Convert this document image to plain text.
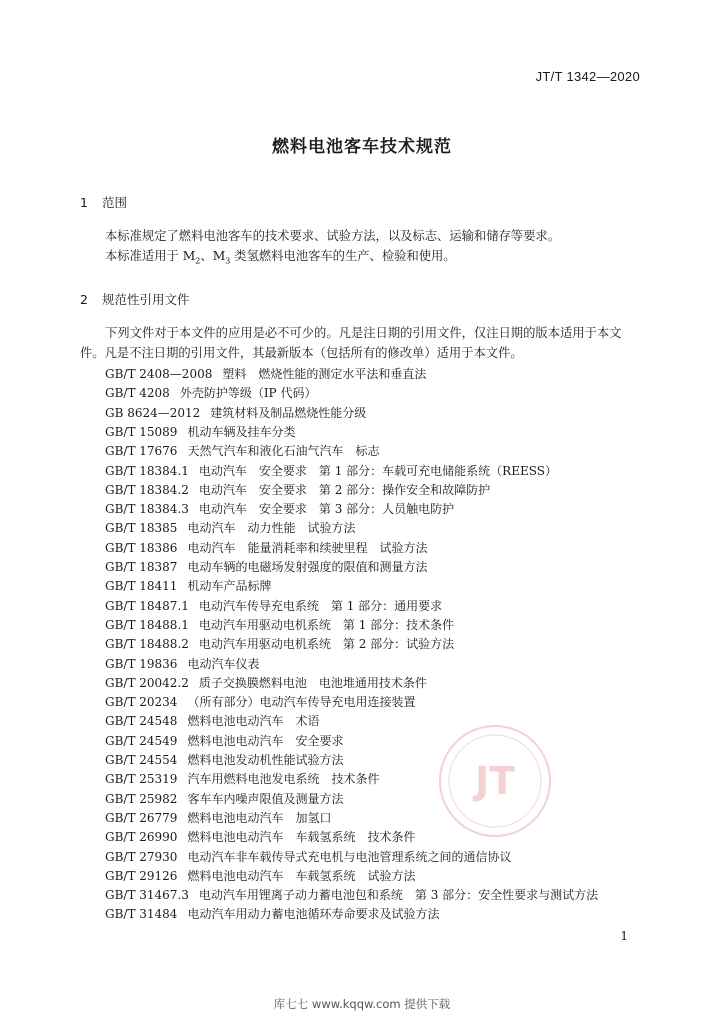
JT/T 1342—2020
燃料电池客车技术规范
1 范围
本标准规定了燃料电池客车的技术要求、试验方法，以及标志、运输和储存等要求。
本标准适用于 $M_2$、$M_3$ 类氢燃料电池客车的生产、检验和使用。
2 规范性引用文件
下列文件对于本文件的应用是必不可少的。凡是注日期的引用文件，仅注日期的版本适用于本文件。凡是不注日期的引用文件，其最新版本（包括所有的修改单）适用于本文件。
JT
GB/T 2408—2008 塑料　燃烧性能的测定水平法和垂直法
GB/T 4208 外壳防护等级（IP 代码）
GB 8624—2012 建筑材料及制品燃烧性能分级
GB/T 15089 机动车辆及挂车分类
GB/T 17676 天然气汽车和液化石油气汽车　标志
GB/T 18384.1 电动汽车　安全要求　第 1 部分：车载可充电储能系统（REESS）
GB/T 18384.2 电动汽车　安全要求　第 2 部分：操作安全和故障防护
GB/T 18384.3 电动汽车　安全要求　第 3 部分：人员触电防护
GB/T 18385 电动汽车　动力性能　试验方法
GB/T 18386 电动汽车　能量消耗率和续驶里程　试验方法
GB/T 18387 电动车辆的电磁场发射强度的限值和测量方法
GB/T 18411 机动车产品标牌
GB/T 18487.1 电动汽车传导充电系统　第 1 部分：通用要求
GB/T 18488.1 电动汽车用驱动电机系统　第 1 部分：技术条件
GB/T 18488.2 电动汽车用驱动电机系统　第 2 部分：试验方法
GB/T 19836 电动汽车仪表
GB/T 20042.2 质子交换膜燃料电池　电池堆通用技术条件
GB/T 20234 （所有部分）电动汽车传导充电用连接装置
GB/T 24548 燃料电池电动汽车　术语
GB/T 24549 燃料电池电动汽车　安全要求
GB/T 24554 燃料电池发动机性能试验方法
GB/T 25319 汽车用燃料电池发电系统　技术条件
GB/T 25982 客车车内噪声限值及测量方法
GB/T 26779 燃料电池电动汽车　加氢口
GB/T 26990 燃料电池电动汽车　车载氢系统　技术条件
GB/T 27930 电动汽车非车载传导式充电机与电池管理系统之间的通信协议
GB/T 29126 燃料电池电动汽车　车载氢系统　试验方法
GB/T 31467.3 电动汽车用锂离子动力蓄电池包和系统　第 3 部分：安全性要求与测试方法
GB/T 31484 电动汽车用动力蓄电池循环寿命要求及试验方法
1
库七七 www.kqqw.com 提供下载
